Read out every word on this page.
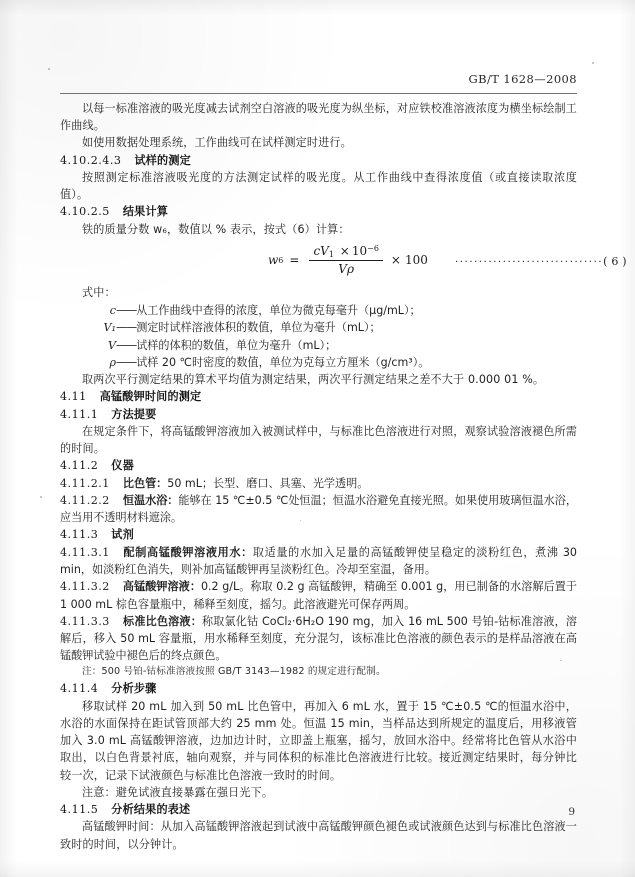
GB/T 1628—2008

以每一标准溶液的吸光度减去试剂空白溶液的吸光度为纵坐标，对应铁校准溶液浓度为横坐标绘制工作曲线。

如使用数据处理系统，工作曲线可在试样测定时进行。

4.10.2.4.3 试样的测定

按照测定标准溶液吸光度的方法测定试样的吸光度。从工作曲线中查得浓度值（或直接读取浓度值）。

4.10.2.5 结果计算

铁的质量分数 w₆，数值以 % 表示，按式（6）计算：

w $6 = \frac{cV_1 \times 10^{-6}}{V\rho} \times 100$	·······························( 6 )

式中：

c —— 从工作曲线中查得的浓度，单位为微克每毫升（μg/mL）；
V₁ —— 测定时试样溶液体积的数值，单位为毫升（mL）；
V —— 试样的体积的数值，单位为毫升（mL）；
ρ —— 试样 20 ℃时密度的数值，单位为克每立方厘米（g/cm³）。

取两次平行测定结果的算术平均值为测定结果，两次平行测定结果之差不大于 0.000 01 %。

4.11 高锰酸钾时间的测定
4.11.1 方法提要

在规定条件下，将高锰酸钾溶液加入被测试样中，与标准比色溶液进行对照，观察试验溶液褪色所需的时间。

4.11.2 仪器
4.11.2.1 比色管：50 mL；长型、磨口、具塞、光学透明。
4.11.2.2 恒温水浴：能够在 15 ℃±0.5 ℃处恒温；恒温水浴避免直接光照。如果使用玻璃恒温水浴，应当用不透明材料遮涂。
4.11.3 试剂
4.11.3.1 配制高锰酸钾溶液用水：取适量的水加入足量的高锰酸钾使呈稳定的淡粉红色，煮沸 30 min，如淡粉红色消失，则补加高锰酸钾再呈淡粉红色。冷却至室温，备用。
4.11.3.2 高锰酸钾溶液：0.2 g/L。称取 0.2 g 高锰酸钾，精确至 0.001 g，用已制备的水溶解后置于 1 000 mL 棕色容量瓶中，稀释至刻度，摇匀。此溶液避光可保存两周。
4.11.3.3 标准比色溶液：称取氯化钴 CoCl₂·6H₂O 190 mg，加入 16 mL 500 号铂-钴标准溶液，溶解后，移入 50 mL 容量瓶，用水稀释至刻度，充分混匀，该标准比色溶液的颜色表示的是样品溶液在高锰酸钾试验中褪色后的终点颜色。

注：500 号铂-钴标准溶液按照 GB/T 3143—1982 的规定进行配制。

4.11.4 分析步骤

移取试样 20 mL 加入到 50 mL 比色管中，再加入 6 mL 水，置于 15 ℃±0.5 ℃的恒温水浴中，水浴的水面保持在距试管顶部大约 25 mm 处。恒温 15 min，当样品达到所规定的温度后，用移液管加入 3.0 mL 高锰酸钾溶液，边加边计时，立即盖上瓶塞，摇匀，放回水浴中。经常将比色管从水浴中取出，以白色背景衬底，轴向观察，并与同体积的标准比色溶液进行比较。接近测定结果时，每分钟比较一次，记录下试液颜色与标准比色溶液一致时的时间。

注意：避免试液直接暴露在强日光下。

4.11.5 分析结果的表述

高锰酸钾时间：从加入高锰酸钾溶液起到试液中高锰酸钾颜色褪色或试液颜色达到与标准比色溶液一致时的时间，以分钟计。

9
